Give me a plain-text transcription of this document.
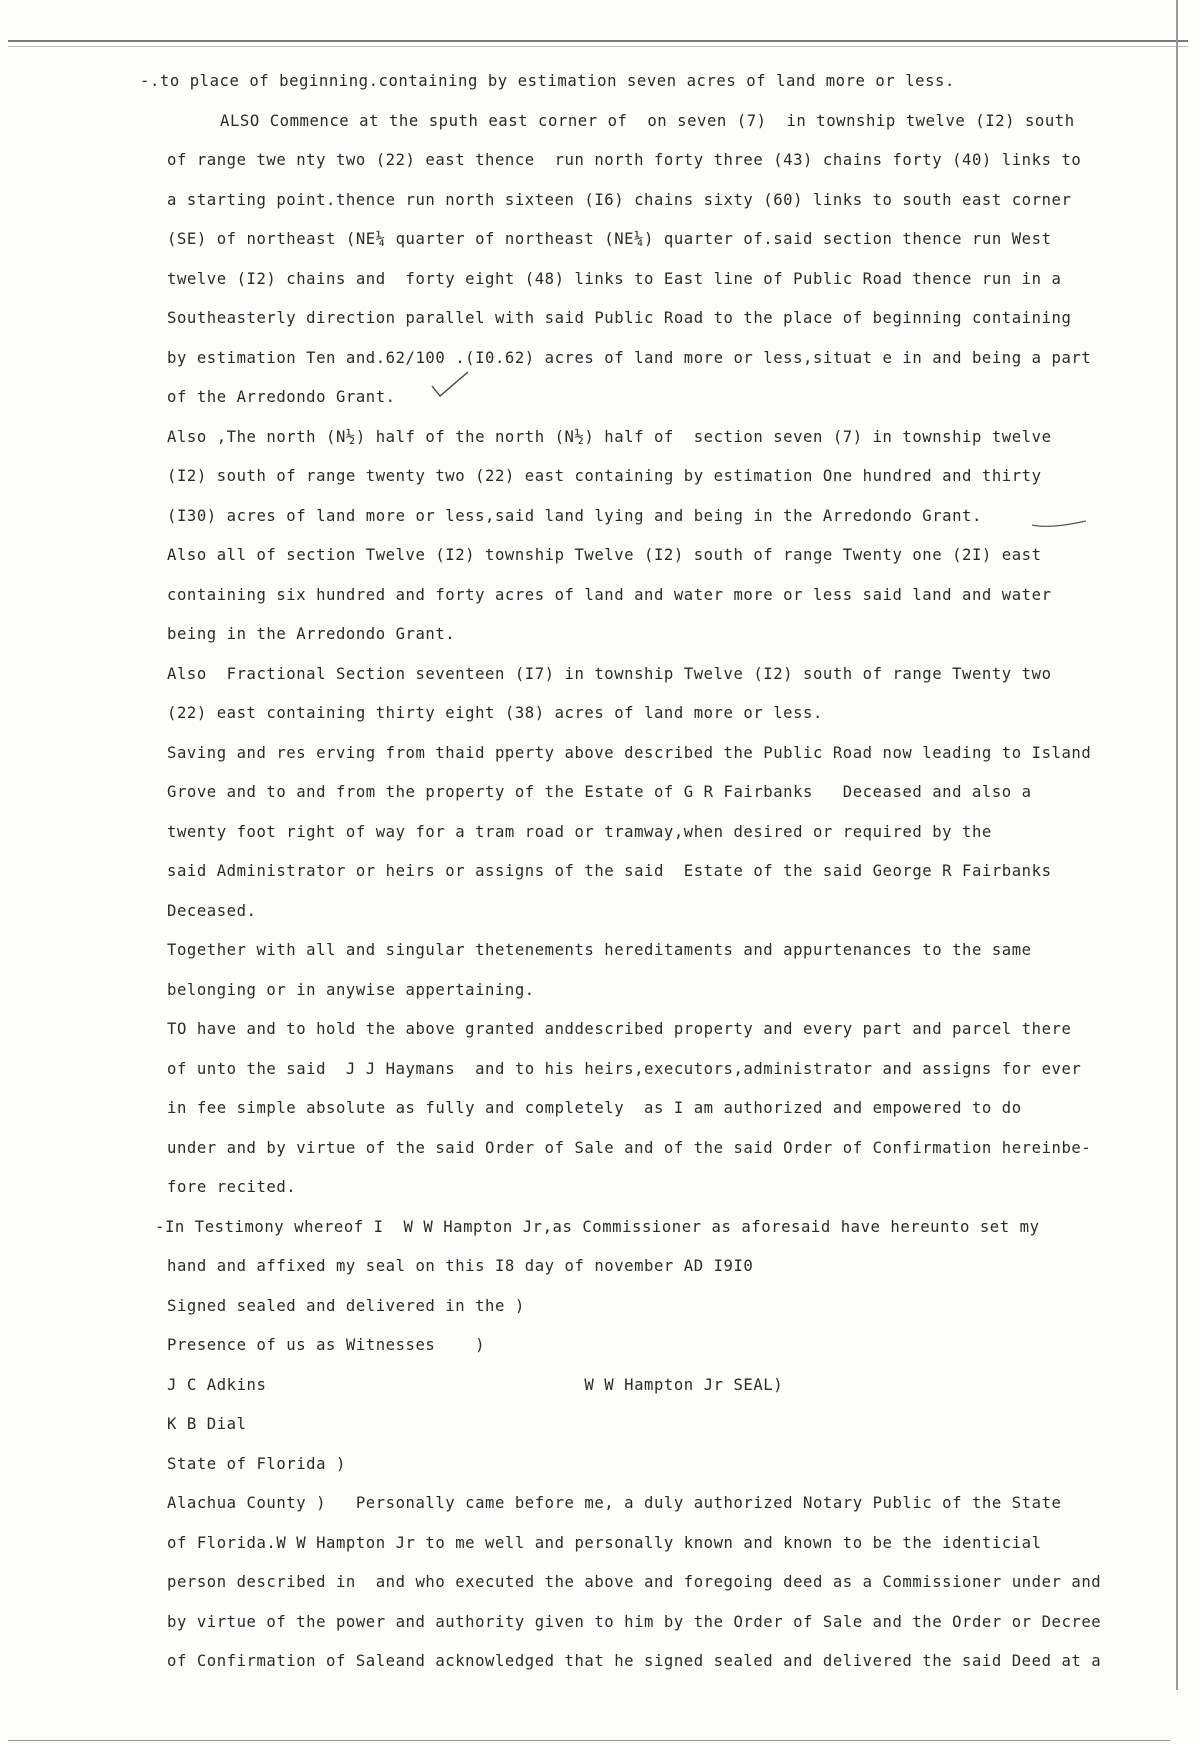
-.to place of beginning.containing by estimation seven acres of land more or less.
ALSO Commence at the sputh east corner of  on seven (7)  in township twelve (I2) south
of range twe nty two (22) east thence  run north forty three (43) chains forty (40) links to
a starting point.thence run north sixteen (I6) chains sixty (60) links to south east corner
(SE) of northeast (NE¼ quarter of northeast (NE¼) quarter of.said section thence run West
twelve (I2) chains and  forty eight (48) links to East line of Public Road thence run in a
Southeasterly direction parallel with said Public Road to the place of beginning containing
by estimation Ten and.62/100 .(I0.62) acres of land more or less,situat e in and being a part
of the Arredondo Grant.
Also ,The north (N½) half of the north (N½) half of  section seven (7) in township twelve
(I2) south of range twenty two (22) east containing by estimation One hundred and thirty
(I30) acres of land more or less,said land lying and being in the Arredondo Grant.
Also all of section Twelve (I2) township Twelve (I2) south of range Twenty one (2I) east
containing six hundred and forty acres of land and water more or less said land and water
being in the Arredondo Grant.
Also  Fractional Section seventeen (I7) in township Twelve (I2) south of range Twenty two
(22) east containing thirty eight (38) acres of land more or less.
Saving and res erving from thaid pperty above described the Public Road now leading to Island
Grove and to and from the property of the Estate of G R Fairbanks   Deceased and also a
twenty foot right of way for a tram road or tramway,when desired or required by the
said Administrator or heirs or assigns of the said  Estate of the said George R Fairbanks
Deceased.
Together with all and singular thetenements hereditaments and appurtenances to the same
belonging or in anywise appertaining.
TO have and to hold the above granted anddescribed property and every part and parcel there
of unto the said  J J Haymans  and to his heirs,executors,administrator and assigns for ever
in fee simple absolute as fully and completely  as I am authorized and empowered to do
under and by virtue of the said Order of Sale and of the said Order of Confirmation hereinbe-
fore recited.
-In Testimony whereof I  W W Hampton Jr,as Commissioner as aforesaid have hereunto set my
hand and affixed my seal on this I8 day of november AD I9I0
Signed sealed and delivered in the )
Presence of us as Witnesses    )
J C Adkins                                W W Hampton Jr SEAL)
K B Dial
State of Florida )
Alachua County )   Personally came before me, a duly authorized Notary Public of the State
of Florida.W W Hampton Jr to me well and personally known and known to be the identicial
person described in  and who executed the above and foregoing deed as a Commissioner under and
by virtue of the power and authority given to him by the Order of Sale and the Order or Decree
of Confirmation of Saleand acknowledged that he signed sealed and delivered the said Deed at a
